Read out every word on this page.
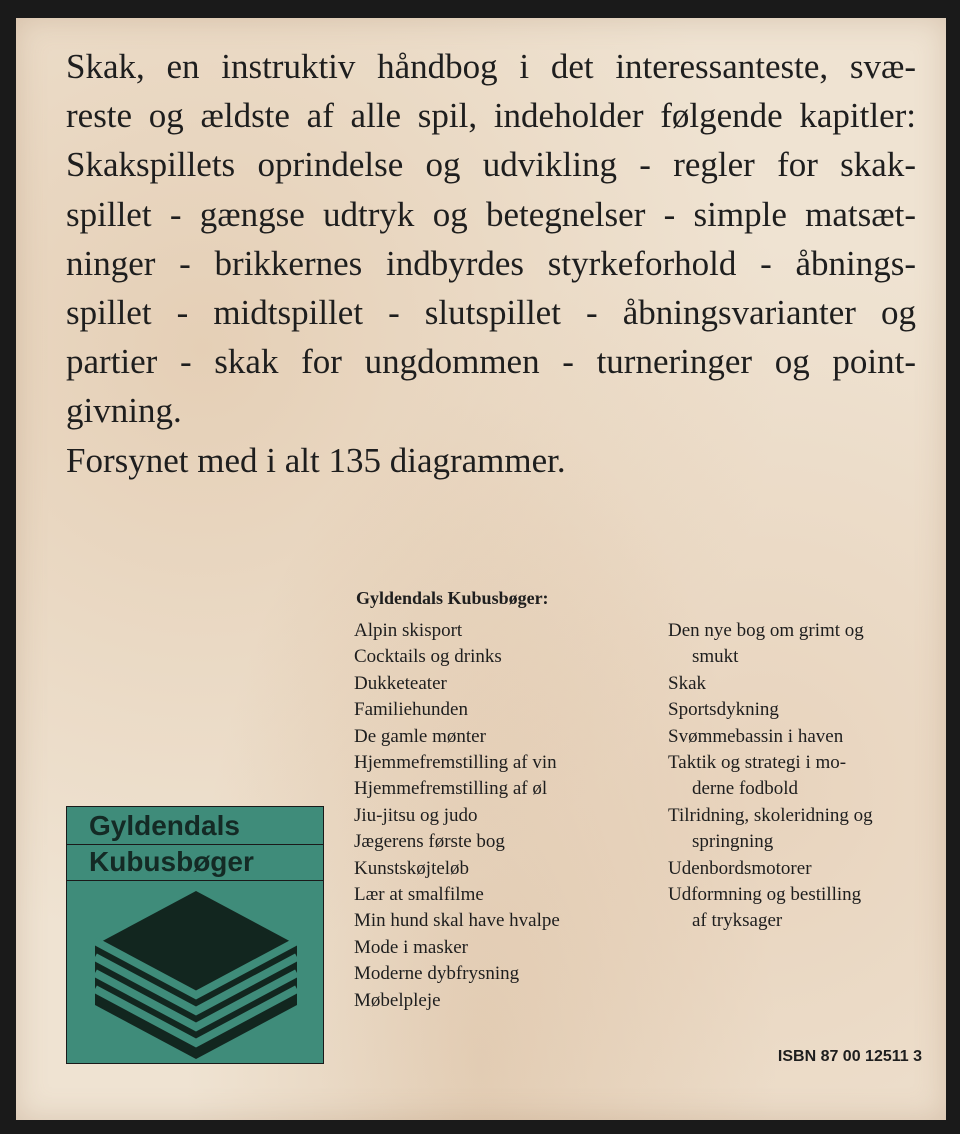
Skak, en instruktiv håndbog i det interessanteste, svæ-
reste og ældste af alle spil, indeholder følgende kapitler:
Skakspillets oprindelse og udvikling - regler for skak-
spillet - gængse udtryk og betegnelser - simple matsæt-
ninger - brikkernes indbyrdes styrkeforhold - åbnings-
spillet - midtspillet - slutspillet - åbningsvarianter og
partier - skak for ungdommen - turneringer og point-
givning.
Forsynet med i alt 135 diagrammer.

Gyldendals Kubusbøger:

Alpin skisport
Cocktails og drinks
Dukketeater
Familiehunden
De gamle mønter
Hjemmefremstilling af vin
Hjemmefremstilling af øl
Jiu-jitsu og judo
Jægerens første bog
Kunstskøjteløb
Lær at smalfilme
Min hund skal have hvalpe
Mode i masker
Moderne dybfrysning
Møbelpleje
Den nye bog om grimt og
smukt
Skak
Sportsdykning
Svømmebassin i haven
Taktik og strategi i mo-
derne fodbold
Tilridning, skoleridning og
springning
Udenbordsmotorer
Udformning og bestilling
af tryksager
Gyldendals
Kubusbøger

ISBN 87 00 12511 3
